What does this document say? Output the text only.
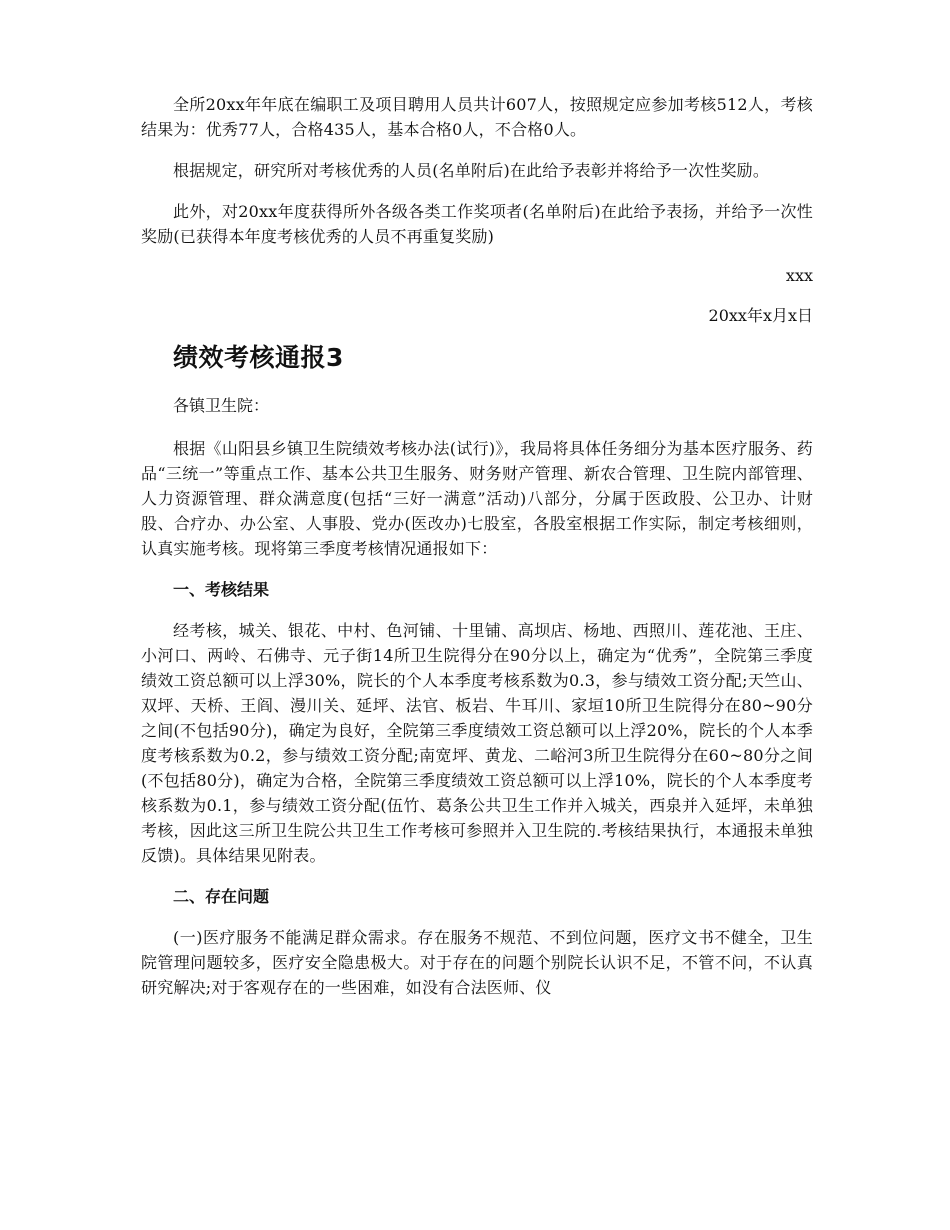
全所20xx年年底在编职工及项目聘用人员共计607人，按照规定应参加考核512人，考核结果为：优秀77人，合格435人，基本合格0人，不合格0人。

根据规定，研究所对考核优秀的人员(名单附后)在此给予表彰并将给予一次性奖励。

此外，对20xx年度获得所外各级各类工作奖项者(名单附后)在此给予表扬，并给予一次性奖励(已获得本年度考核优秀的人员不再重复奖励)

xxx

20xx年x月x日

绩效考核通报3

各镇卫生院：

根据《山阳县乡镇卫生院绩效考核办法(试行)》，我局将具体任务细分为基本医疗服务、药品“三统一”等重点工作、基本公共卫生服务、财务财产管理、新农合管理、卫生院内部管理、人力资源管理、群众满意度(包括“三好一满意”活动)八部分，分属于医政股、公卫办、计财股、合疗办、办公室、人事股、党办(医改办)七股室，各股室根据工作实际，制定考核细则，认真实施考核。现将第三季度考核情况通报如下：

一、考核结果

经考核，城关、银花、中村、色河铺、十里铺、高坝店、杨地、西照川、莲花池、王庄、小河口、两岭、石佛寺、元子街14所卫生院得分在90分以上，确定为“优秀”，全院第三季度绩效工资总额可以上浮30%，院长的个人本季度考核系数为0.3，参与绩效工资分配;天竺山、双坪、天桥、王阎、漫川关、延坪、法官、板岩、牛耳川、家垣10所卫生院得分在80~90分之间(不包括90分)，确定为良好，全院第三季度绩效工资总额可以上浮20%，院长的个人本季度考核系数为0.2，参与绩效工资分配;南宽坪、黄龙、二峪河3所卫生院得分在60~80分之间(不包括80分)，确定为合格，全院第三季度绩效工资总额可以上浮10%，院长的个人本季度考核系数为0.1，参与绩效工资分配(伍竹、葛条公共卫生工作并入城关，西泉并入延坪，未单独考核，因此这三所卫生院公共卫生工作考核可参照并入卫生院的.考核结果执行，本通报未单独反馈)。具体结果见附表。

二、存在问题

(一)医疗服务不能满足群众需求。存在服务不规范、不到位问题，医疗文书不健全，卫生院管理问题较多，医疗安全隐患极大。对于存在的问题个别院长认识不足，不管不问，不认真研究解决;对于客观存在的一些困难，如没有合法医师、仪
